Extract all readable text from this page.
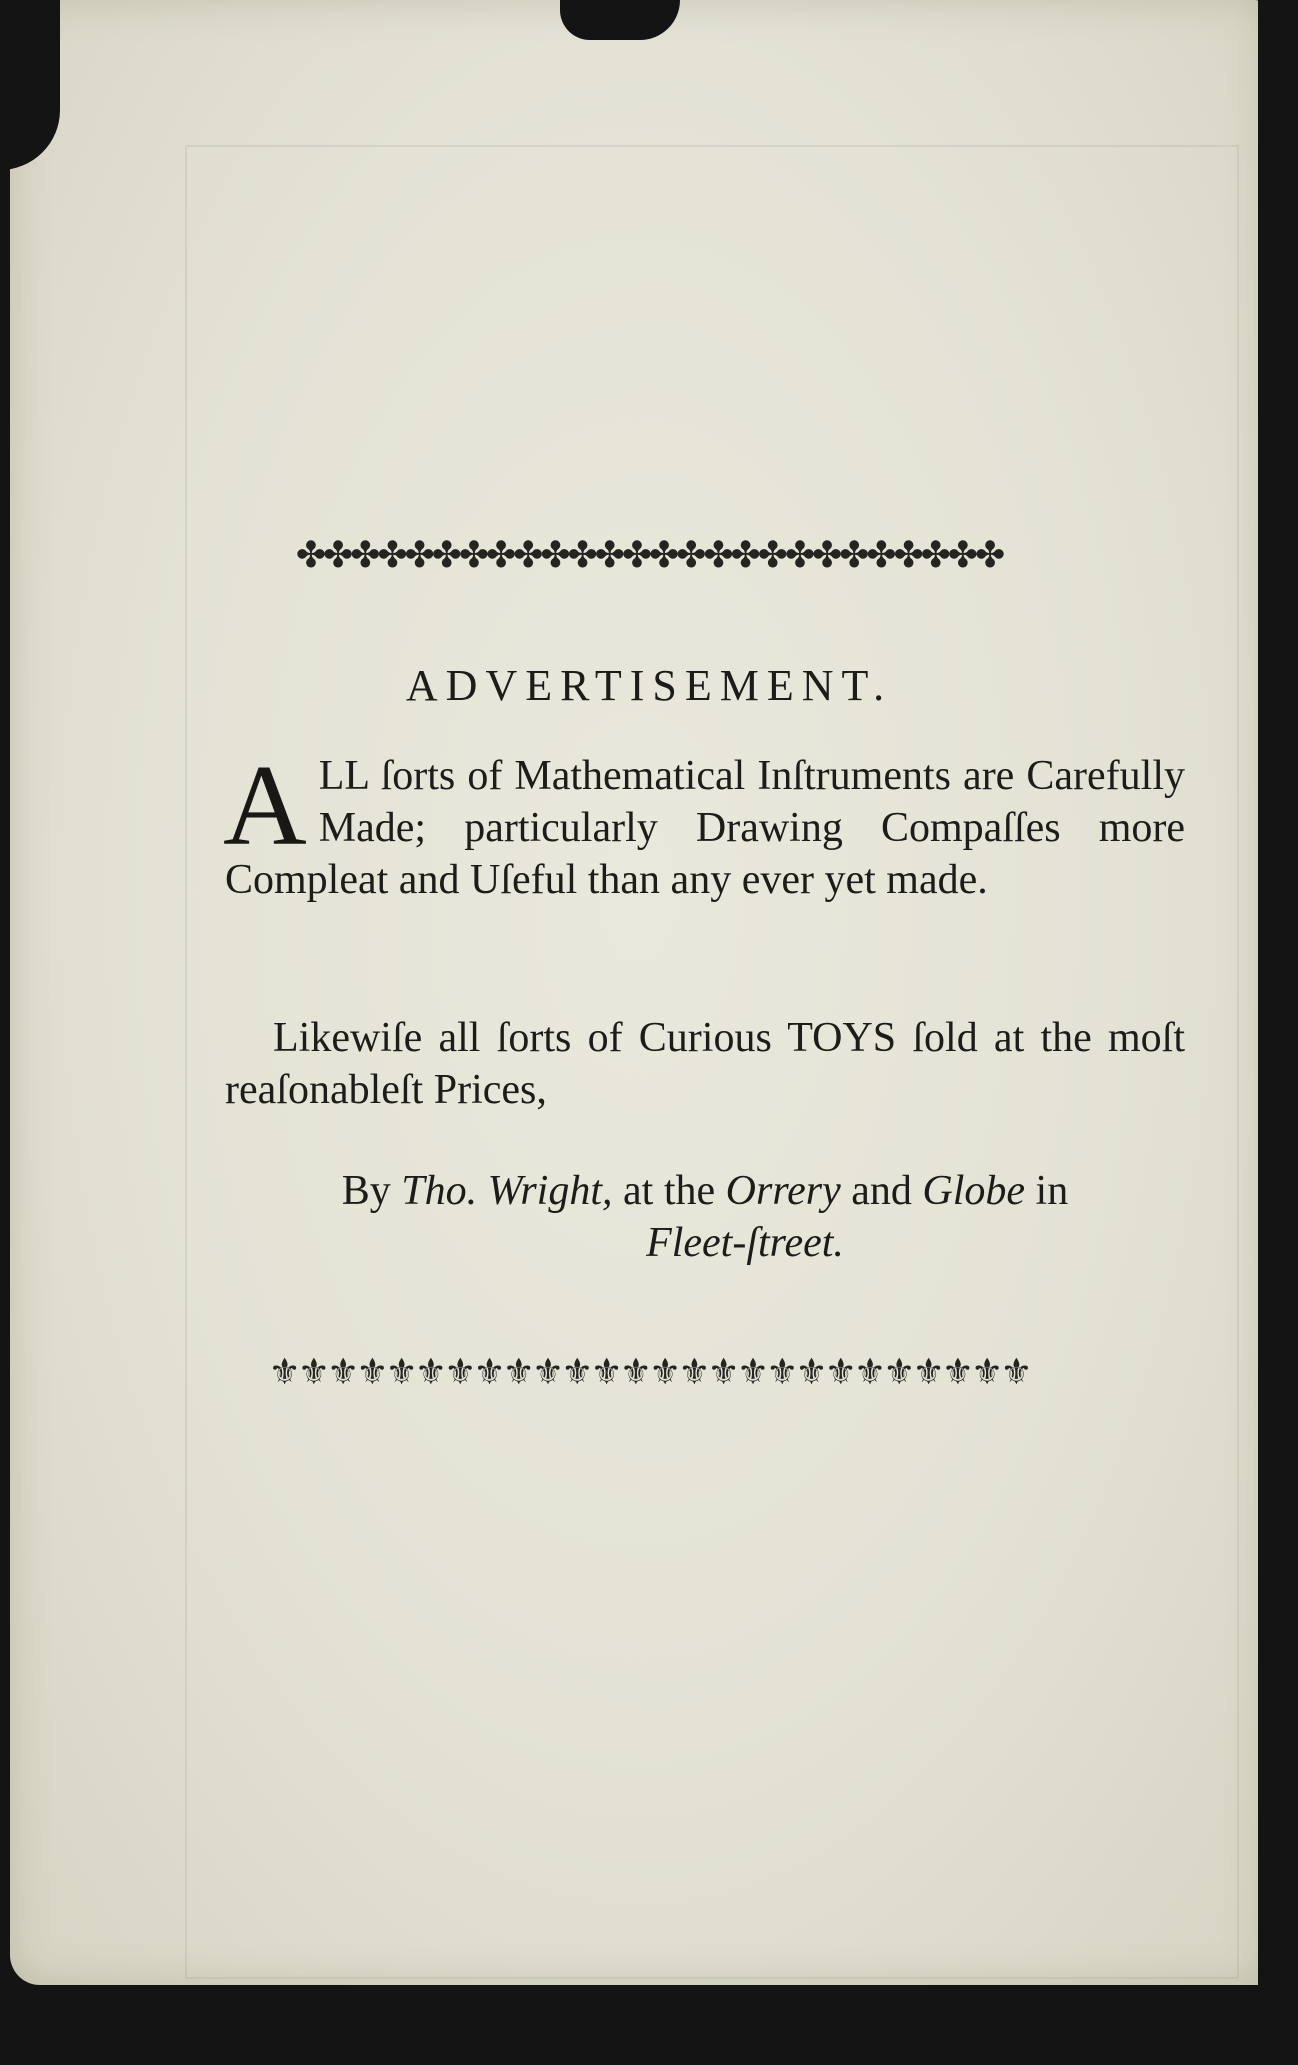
✤✤✤✤✤✤✤✤✤✤✤✤✤✤✤✤✤✤✤✤✤✤✤✤✤✤
ADVERTISEMENT.
ALL ſorts of Mathematical Inſtruments are Carefully Made; particularly Drawing Compaſſes more Compleat and Uſeful than any ever yet made.
Likewiſe all ſorts of Curious TOYS ſold at the moſt reaſonableſt Prices,
By Tho. Wright, at the Orrery and Globe in
Fleet-ſtreet.
⚜⚜⚜⚜⚜⚜⚜⚜⚜⚜⚜⚜⚜⚜⚜⚜⚜⚜⚜⚜⚜⚜⚜⚜⚜⚜
